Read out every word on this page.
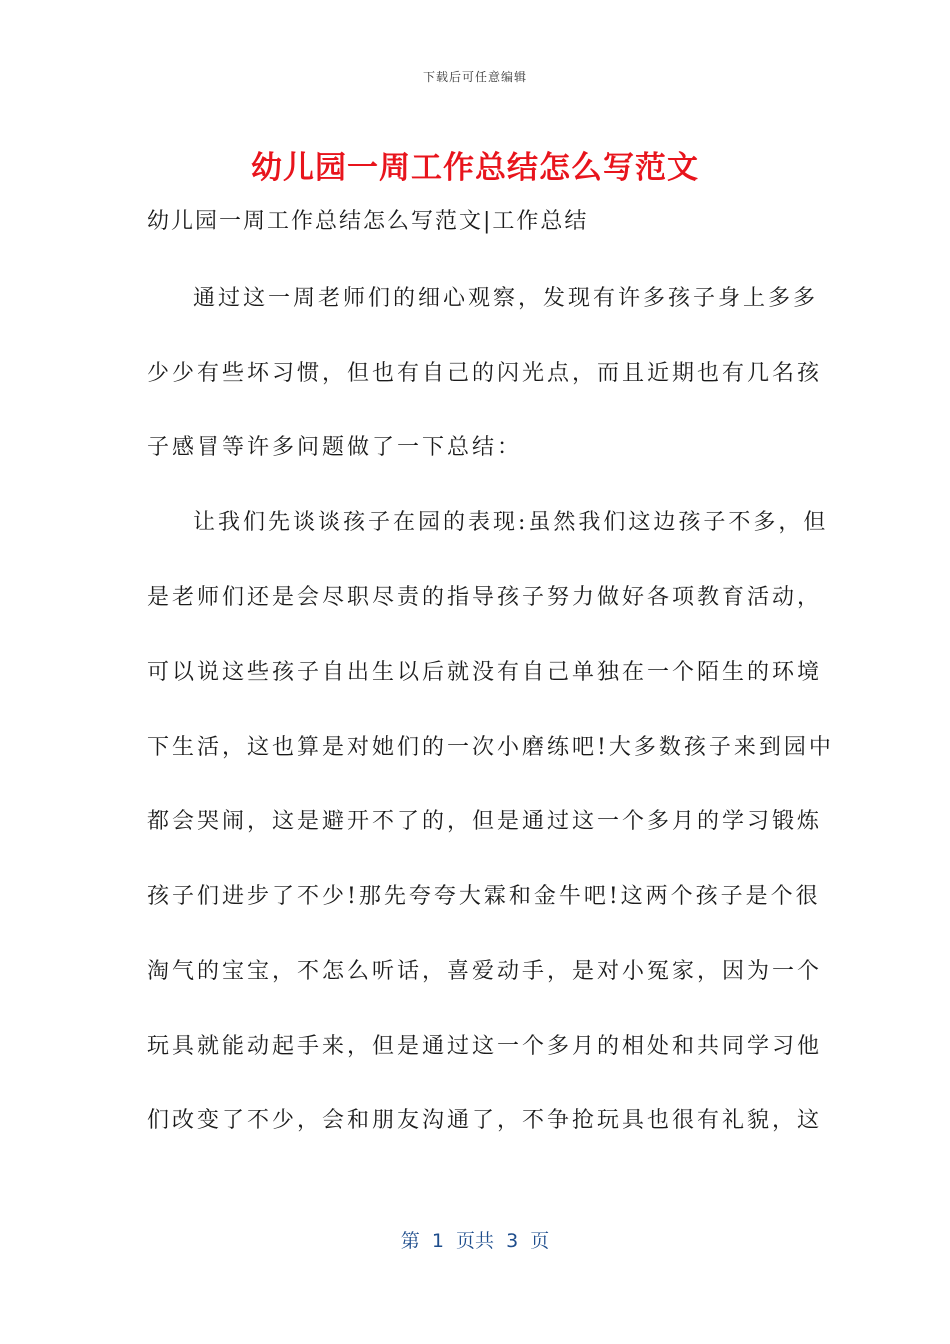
下载后可任意编辑
幼儿园一周工作总结怎么写范文
幼儿园一周工作总结怎么写范文|工作总结
通过这一周老师们的细心观察，发现有许多孩子身上多多
少少有些坏习惯，但也有自己的闪光点，而且近期也有几名孩
子感冒等许多问题做了一下总结：
让我们先谈谈孩子在园的表现:虽然我们这边孩子不多，但
是老师们还是会尽职尽责的指导孩子努力做好各项教育活动，
可以说这些孩子自出生以后就没有自己单独在一个陌生的环境
下生活，这也算是对她们的一次小磨练吧!大多数孩子来到园中
都会哭闹，这是避开不了的，但是通过这一个多月的学习锻炼
孩子们进步了不少!那先夸夸大霖和金牛吧!这两个孩子是个很
淘气的宝宝，不怎么听话，喜爱动手，是对小冤家，因为一个
玩具就能动起手来，但是通过这一个多月的相处和共同学习他
们改变了不少，会和朋友沟通了，不争抢玩具也很有礼貌，这
第  1  页共  3  页
